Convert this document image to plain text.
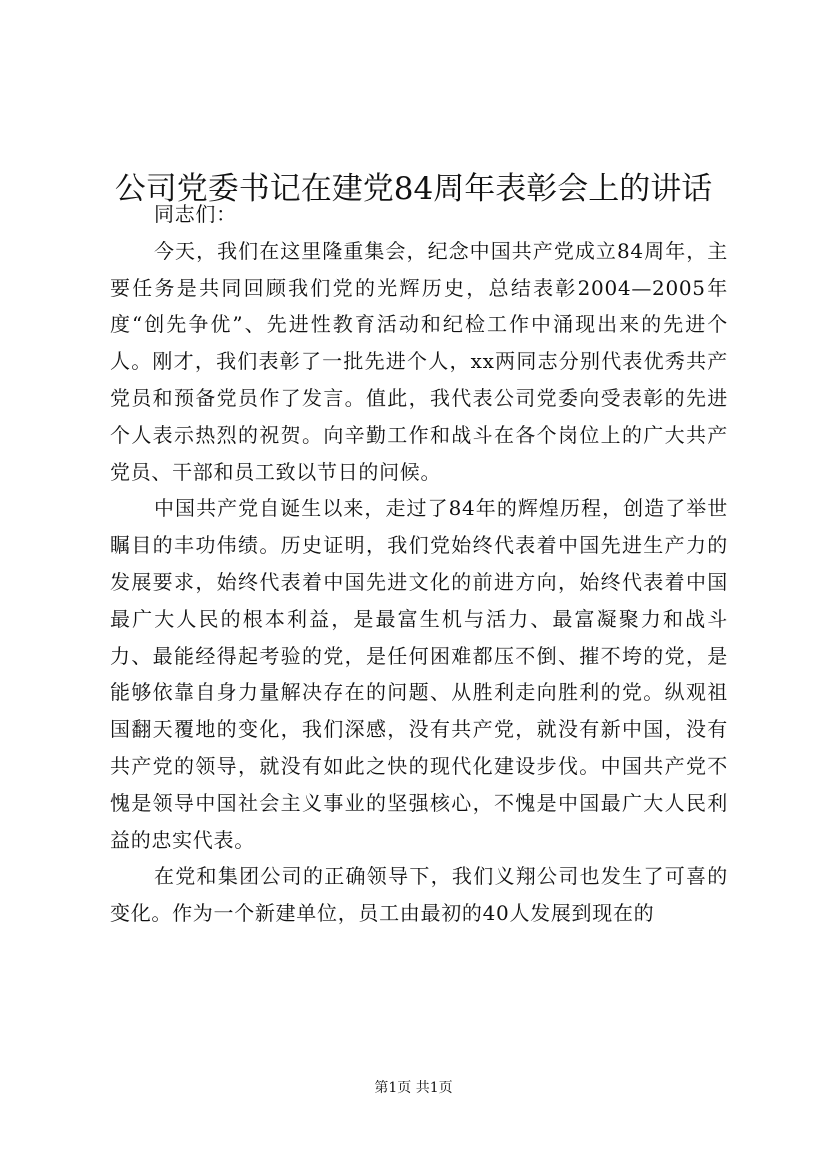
公司党委书记在建党84周年表彰会上的讲话

同志们：

今天，我们在这里隆重集会，纪念中国共产党成立84周年，主要任务是共同回顾我们党的光辉历史，总结表彰2004—2005年度“创先争优”、先进性教育活动和纪检工作中涌现出来的先进个人。刚才，我们表彰了一批先进个人，xx两同志分别代表优秀共产党员和预备党员作了发言。值此，我代表公司党委向受表彰的先进个人表示热烈的祝贺。向辛勤工作和战斗在各个岗位上的广大共产党员、干部和员工致以节日的问候。

中国共产党自诞生以来，走过了84年的辉煌历程，创造了举世瞩目的丰功伟绩。历史证明，我们党始终代表着中国先进生产力的发展要求，始终代表着中国先进文化的前进方向，始终代表着中国最广大人民的根本利益，是最富生机与活力、最富凝聚力和战斗力、最能经得起考验的党，是任何困难都压不倒、摧不垮的党，是能够依靠自身力量解决存在的问题、从胜利走向胜利的党。纵观祖国翻天覆地的变化，我们深感，没有共产党，就没有新中国，没有共产党的领导，就没有如此之快的现代化建设步伐。中国共产党不愧是领导中国社会主义事业的坚强核心，不愧是中国最广大人民利益的忠实代表。

在党和集团公司的正确领导下，我们义翔公司也发生了可喜的变化。作为一个新建单位，员工由最初的40人发展到现在的

第1页 共1页
